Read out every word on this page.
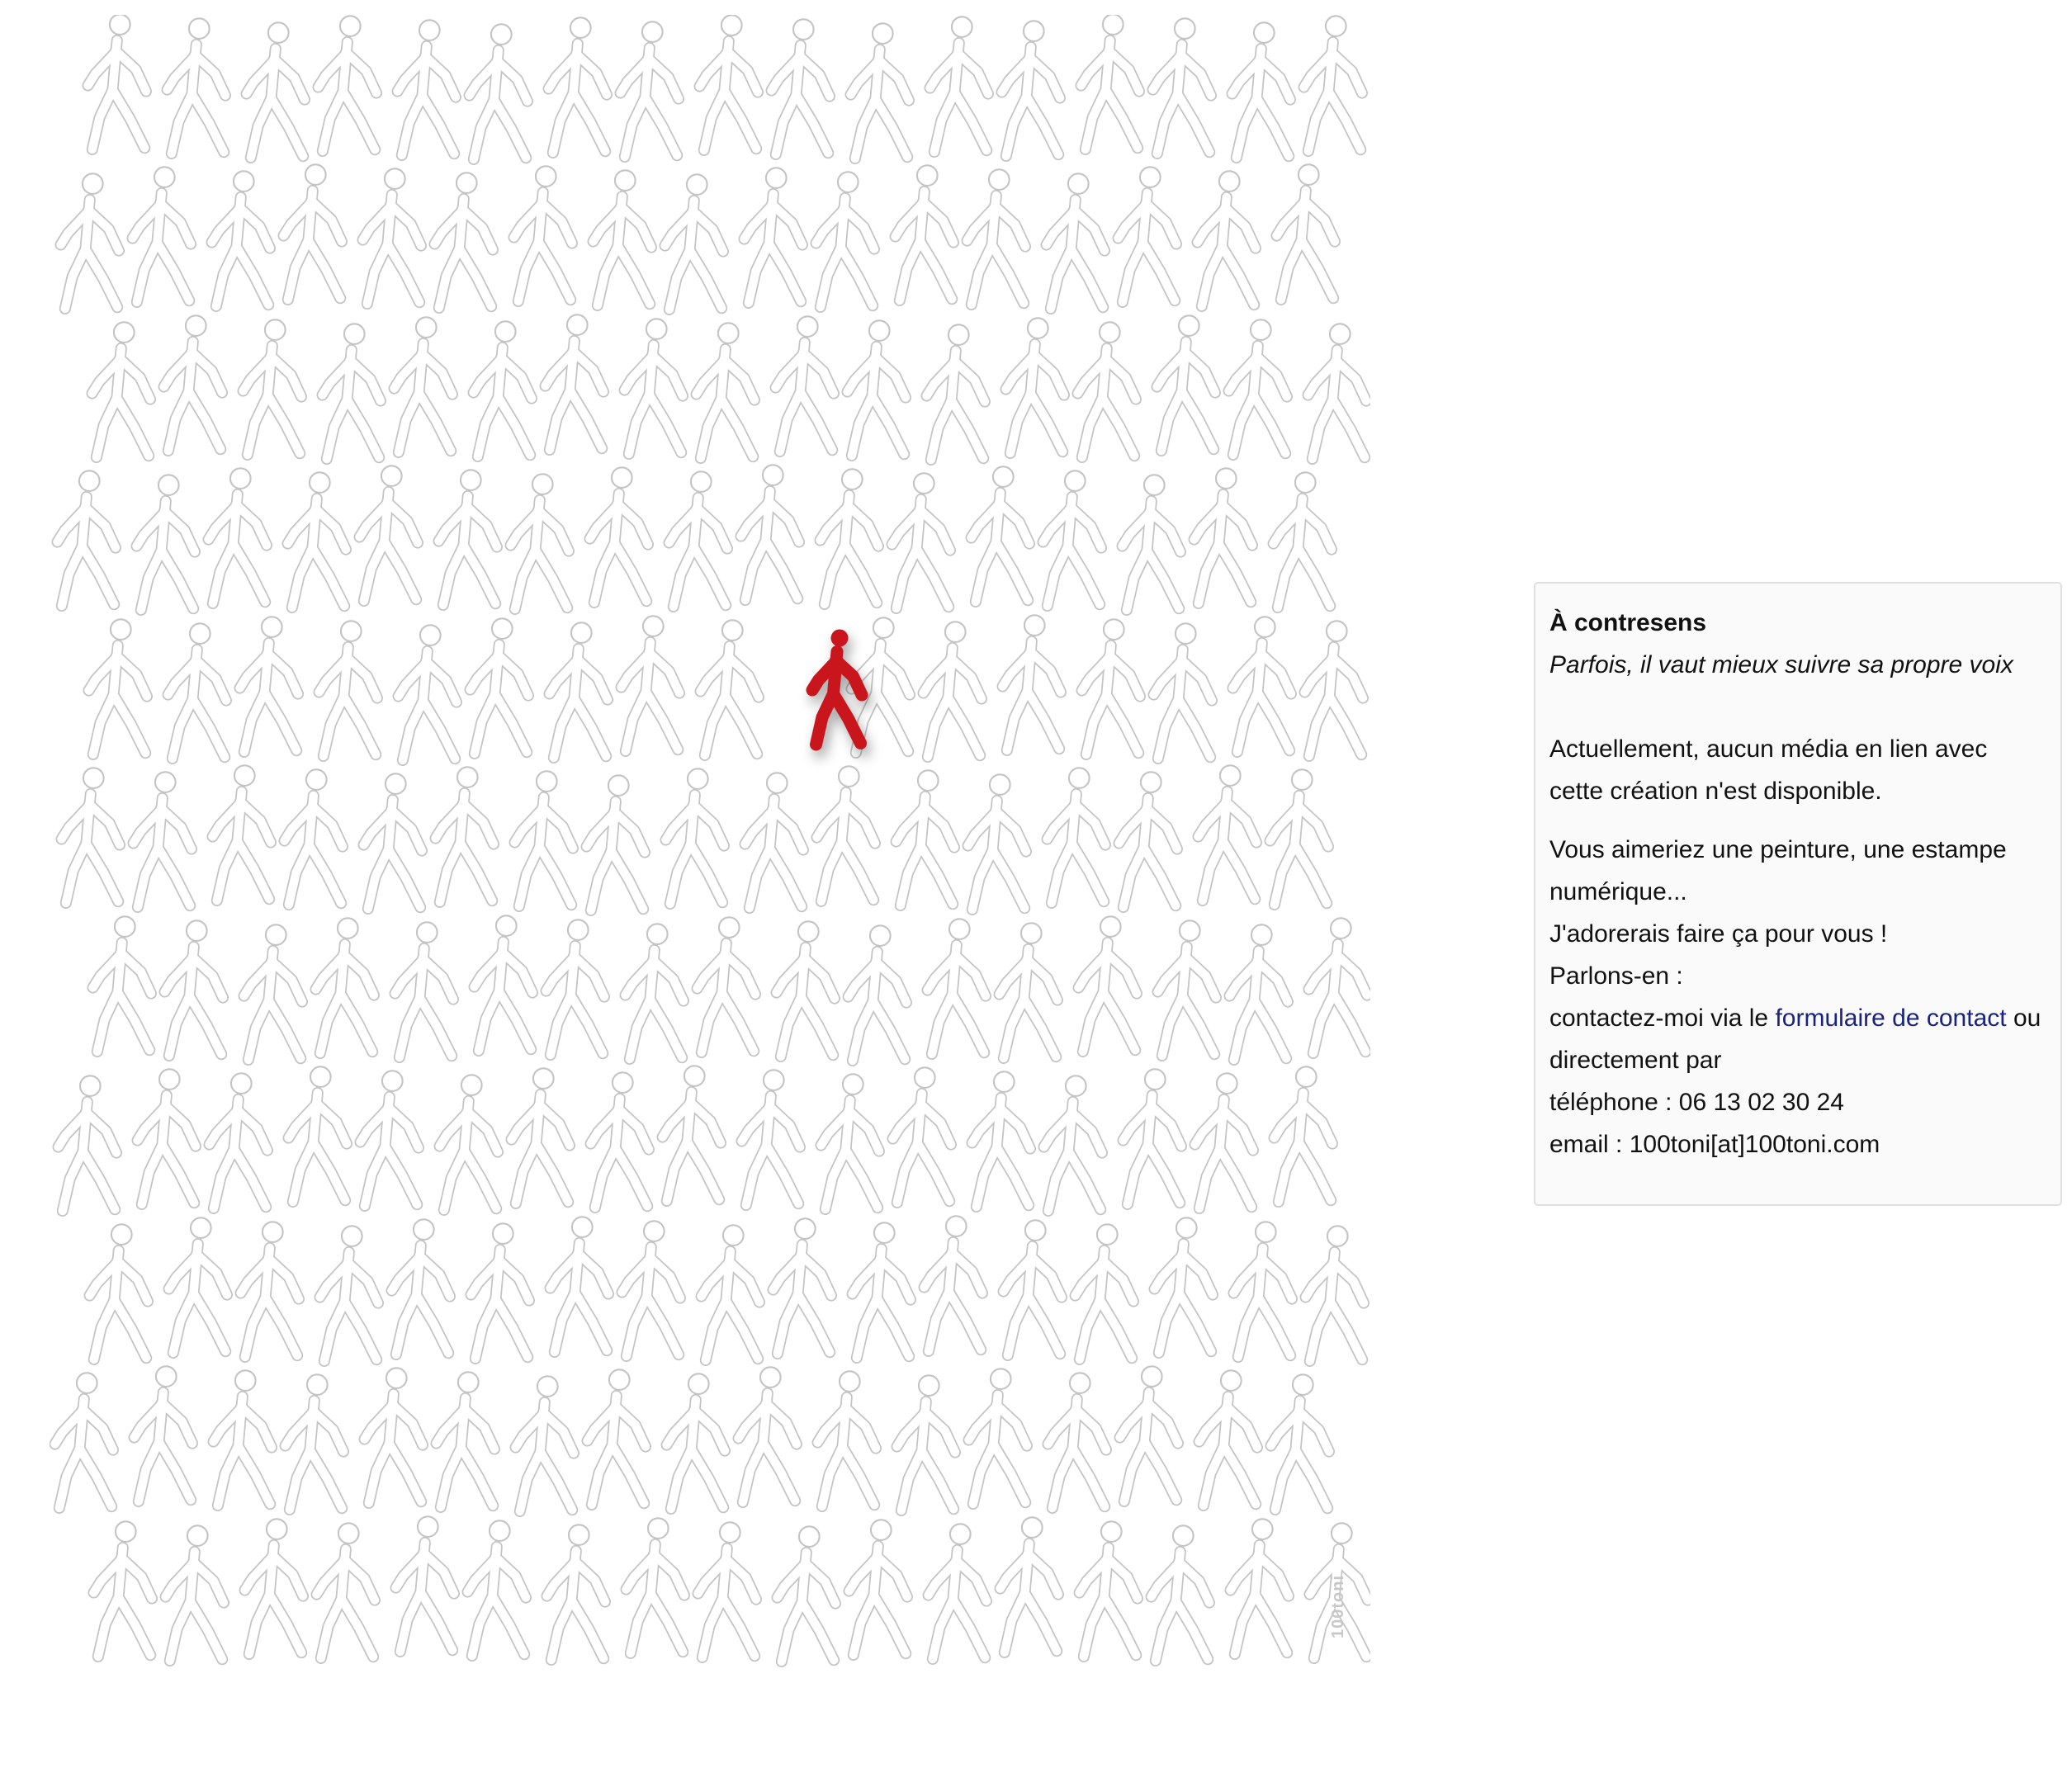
100toni
À contresens
Parfois, il vaut mieux suivre sa propre voix
Actuellement, aucun média en lien avec cette création n'est disponible.
Vous aimeriez une peinture, une estampe numérique...
J'adorerais faire ça pour vous !
Parlons-en :
contactez-moi via le formulaire de contact ou directement par
téléphone : 06 13 02 30 24
email : 100toni[at]100toni.com
